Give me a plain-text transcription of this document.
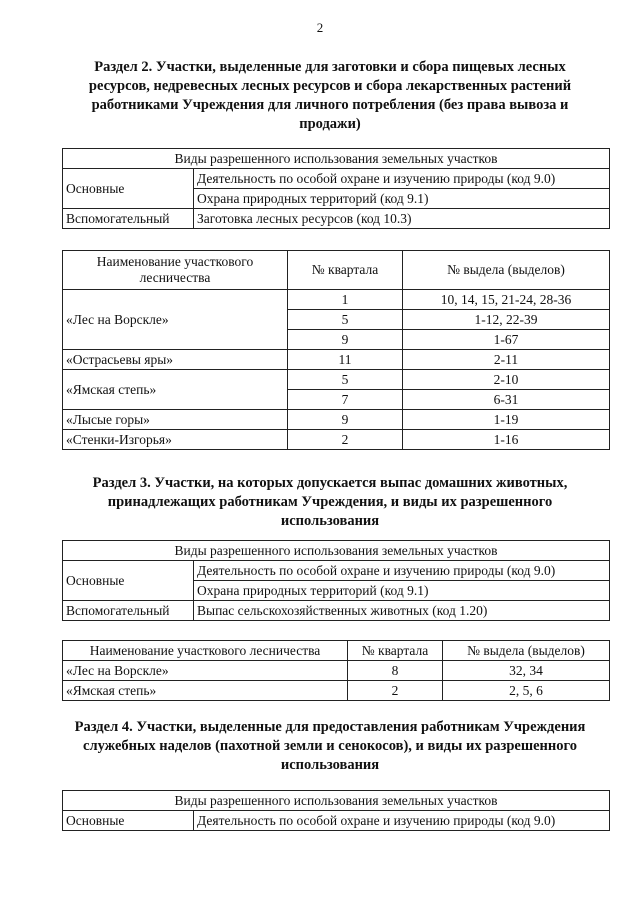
2
Раздел 2. Участки, выделенные для заготовки и сбора пищевых лесных ресурсов, недревесных лесных ресурсов и сбора лекарственных растений работниками Учреждения для личного потребления (без права вывоза и продажи)
Виды разрешенного использования земельных участков	
Основные	Деятельность по особой охране и изучению природы (код 9.0)
	Охрана природных территорий (код 9.1)
Вспомогательный	Заготовка лесных ресурсов (код 10.3)
Наименование участкового лесничества	№ квартала	№ выдела (выделов)
«Лес на Ворскле»	1	10, 14, 15, 21-24, 28-36
	5	1-12, 22-39
	9	1-67
«Острасьевы яры»	11	2-11
«Ямская степь»	5	2-10
	7	6-31
«Лысые горы»	9	1-19
«Стенки-Изгорья»	2	1-16
Раздел 3. Участки, на которых допускается выпас домашних животных, принадлежащих работникам Учреждения, и виды их разрешенного использования
Виды разрешенного использования земельных участков	
Основные	Деятельность по особой охране и изучению природы (код 9.0)
	Охрана природных территорий (код 9.1)
Вспомогательный	Выпас сельскохозяйственных животных (код 1.20)
Наименование участкового лесничества	№ квартала	№ выдела (выделов)
«Лес на Ворскле»	8	32, 34
«Ямская степь»	2	2, 5, 6
Раздел 4. Участки, выделенные для предоставления работникам Учреждения служебных наделов (пахотной земли и сенокосов), и виды их разрешенного использования
Виды разрешенного использования земельных участков
Основные	Деятельность по особой охране и изучению природы (код 9.0)
